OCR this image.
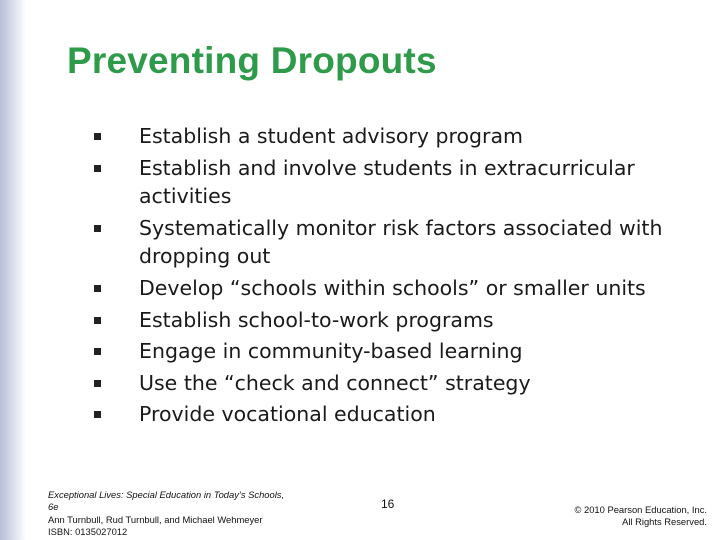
Preventing Dropouts
Establish a student advisory program
Establish and involve students in extracurricular activities
Systematically monitor risk factors associated with dropping out
Develop “schools within schools” or smaller units
Establish school-to-work programs
Engage in community-based learning
Use the “check and connect” strategy
Provide vocational education
Exceptional Lives: Special Education in Today’s Schools,
6e
Ann Turnbull, Rud Turnbull, and Michael Wehmeyer
ISBN: 0135027012
16	© 2010 Pearson Education, Inc.
All Rights Reserved.
